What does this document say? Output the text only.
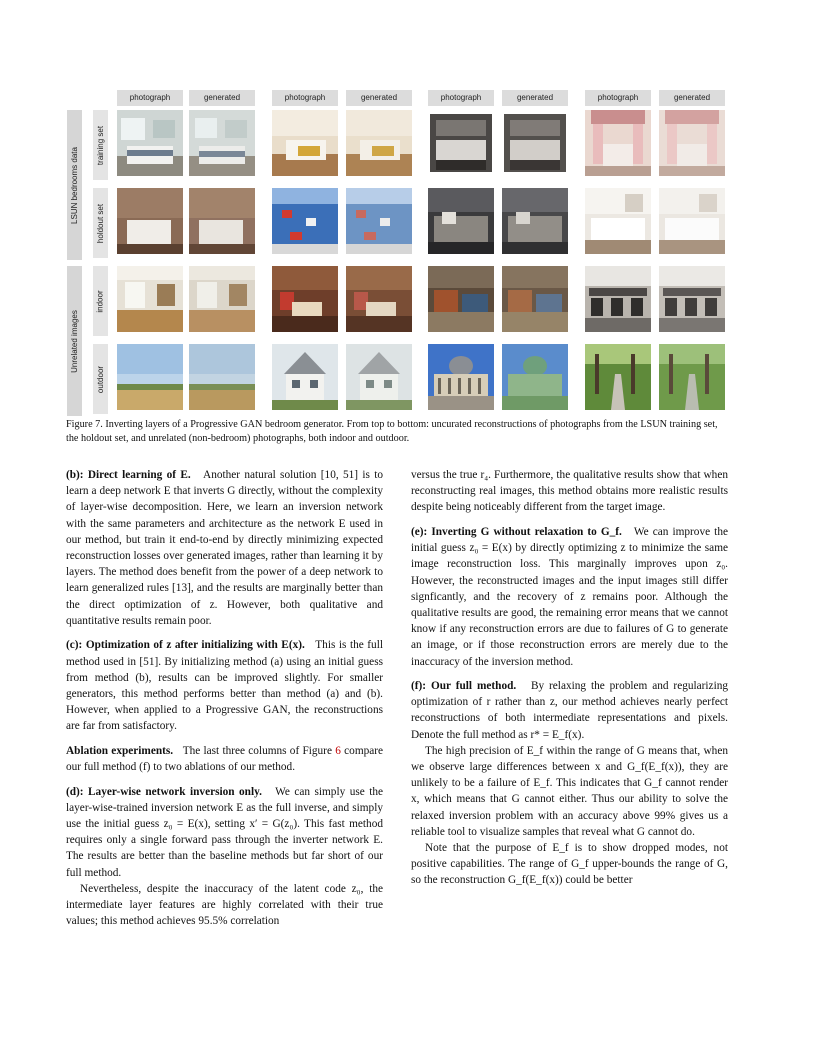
photograph	generated	photograph	generated	photograph	generated	photograph	generated
LSUN bedrooms data
Unrelated images
training set
holdout set
indoor
outdoor

Figure 7. Inverting layers of a Progressive GAN bedroom generator. From top to bottom: uncurated reconstructions of photographs from the LSUN training set, the holdout set, and unrelated (non-bedroom) photographs, both indoor and outdoor.

(b): Direct learning of E. Another natural solution [10, 51] is to learn a deep network E that inverts G directly, without the complexity of layer-wise decomposition. Here, we learn an inversion network with the same parameters and architecture as the network E used in our method, but train it end-to-end by directly minimizing expected reconstruction losses over generated images, rather than learning it by layers. The method does benefit from the power of a deep network to learn generalized rules [13], and the results are marginally better than the direct optimization of z. However, both qualitative and quantitative results remain poor.

(c): Optimization of z after initializing with E(x). This is the full method used in [51]. By initializing method (a) using an initial guess from method (b), results can be improved slightly. For smaller generators, this method performs better than method (a) and (b). However, when applied to a Progressive GAN, the reconstructions are far from satisfactory.

Ablation experiments. The last three columns of Figure 6 compare our full method (f) to two ablations of our method.

(d): Layer-wise network inversion only. We can simply use the layer-wise-trained inversion network E as the full inverse, and simply use the initial guess z₀ = E(x), setting x′ = G(z₀). This fast method requires only a single forward pass through the inverter network E. The results are better than the baseline methods but far short of our full method.

Nevertheless, despite the inaccuracy of the latent code z₀, the intermediate layer features are highly correlated with their true values; this method achieves 95.5% correlation

versus the true r₄. Furthermore, the qualitative results show that when reconstructing real images, this method obtains more realistic results despite being noticeably different from the target image.

(e): Inverting G without relaxation to G_f. We can improve the initial guess z₀ = E(x) by directly optimizing z to minimize the same image reconstruction loss. This marginally improves upon z₀. However, the reconstructed images and the input images still differ signficantly, and the recovery of z remains poor. Although the qualitative results are good, the remaining error means that we cannot know if any reconstruction errors are due to failures of G to generate an image, or if those reconstruction errors are merely due to the inaccuracy of the inversion method.

(f): Our full method. By relaxing the problem and regularizing optimization of r rather than z, our method achieves nearly perfect reconstructions of both intermediate representations and pixels. Denote the full method as r* = E_f(x).

The high precision of E_f within the range of G means that, when we observe large differences between x and G_f(E_f(x)), they are unlikely to be a failure of E_f. This indicates that G_f cannot render x, which means that G cannot either. Thus our ability to solve the relaxed inversion problem with an accuracy above 99% gives us a reliable tool to visualize samples that reveal what G cannot do.

Note that the purpose of E_f is to show dropped modes, not positive capabilities. The range of G_f upper-bounds the range of G, so the reconstruction G_f(E_f(x)) could be better
